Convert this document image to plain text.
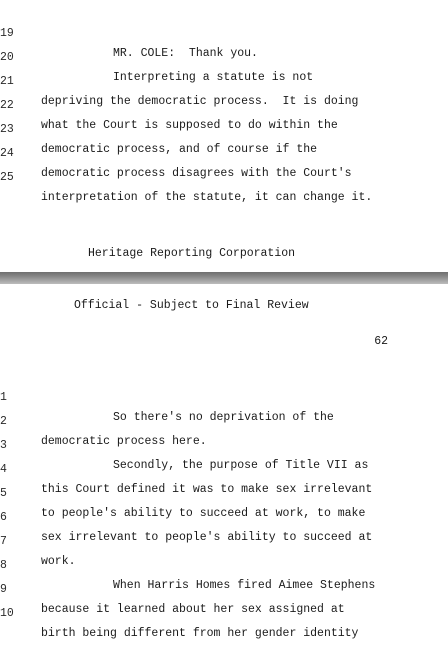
19

MR. COLE:  Thank you.

20

Interpreting a statute is not

21

depriving the democratic process.  It is doing

22

what the Court is supposed to do within the

23

democratic process, and of course if the

24

democratic process disagrees with the Court's

25

interpretation of the statute, it can change it.

Heritage Reporting Corporation
Official - Subject to Final Review
62

1

So there's no deprivation of the

2

democratic process here.

3

Secondly, the purpose of Title VII as

4

this Court defined it was to make sex irrelevant

5

to people's ability to succeed at work, to make

6

sex irrelevant to people's ability to succeed at

7

work.

8

When Harris Homes fired Aimee Stephens

9

because it learned about her sex assigned at

10

birth being different from her gender identity
